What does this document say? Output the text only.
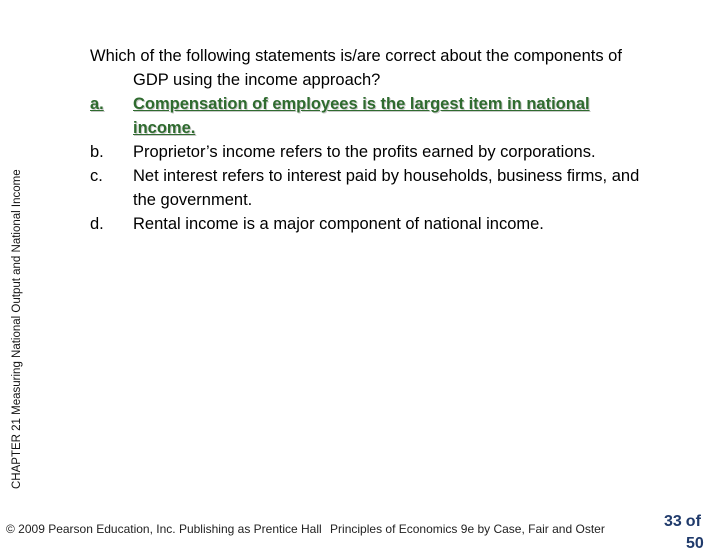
CHAPTER 21 Measuring National Output and National Income

Which of the following statements is/are correct about the components of GDP using the income approach?

a.	Compensation of employees is the largest item in national income.
b.	Proprietor’s income refers to the profits earned by corporations.
c.	Net interest refers to interest paid by households, business firms, and the government.
d.	Rental income is a major component of national income.
© 2009 Pearson Education, Inc. Publishing as Prentice Hall Principles of Economics 9e by Case, Fair and Oster	33 of
50
